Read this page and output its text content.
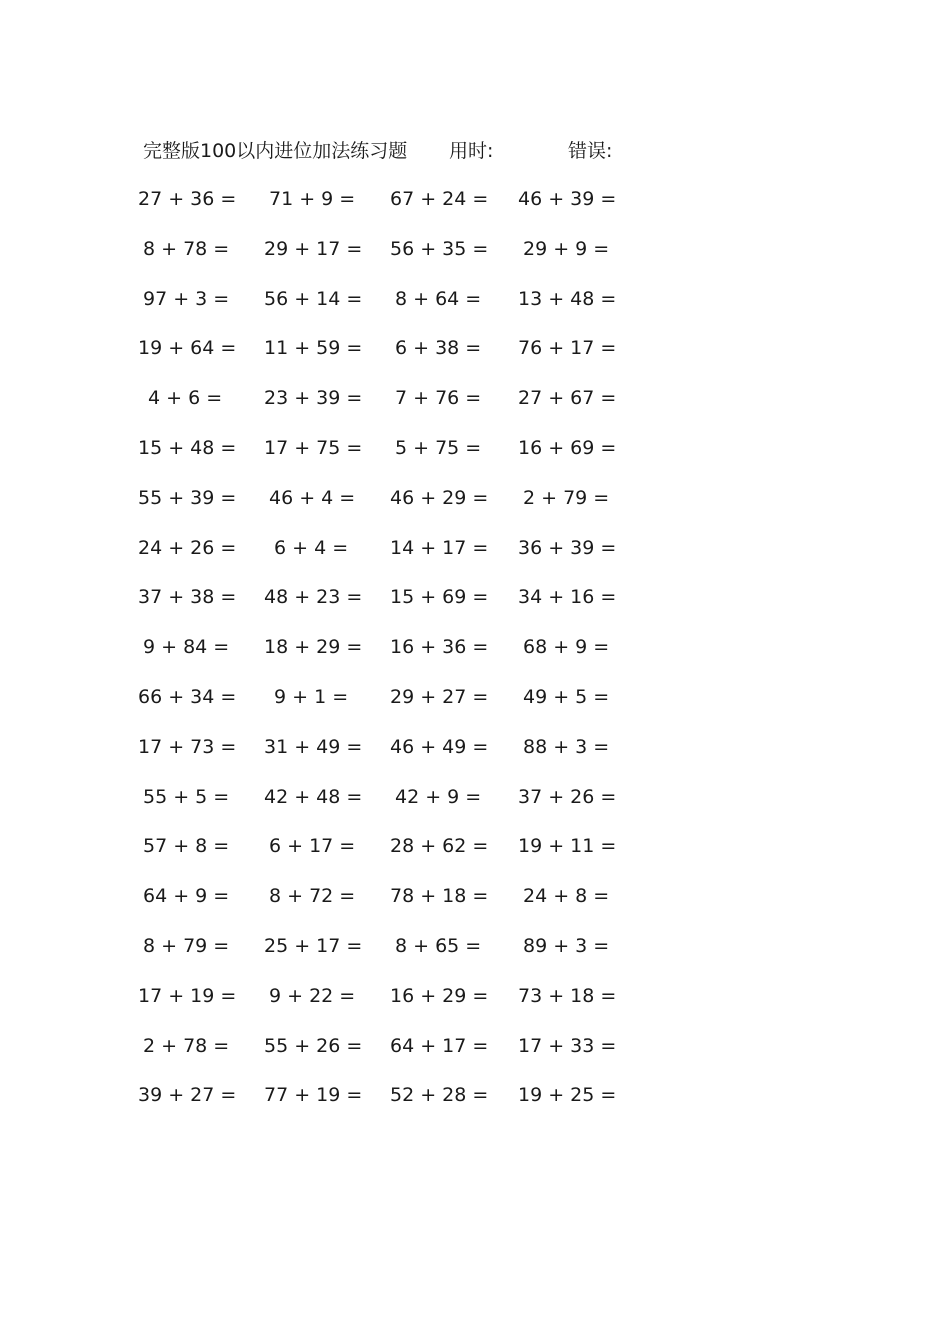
完整版100以内进位加法练习题 用时:	错误:
27 + 36 = 71 + 9 = 67 + 24 = 46 + 39 =
8 + 78 = 29 + 17 = 56 + 35 = 29 + 9 =
97 + 3 = 56 + 14 = 8 + 64 = 13 + 48 =
19 + 64 = 11 + 59 = 6 + 38 = 76 + 17 =
4 + 6 = 23 + 39 = 7 + 76 = 27 + 67 =
15 + 48 = 17 + 75 = 5 + 75 = 16 + 69 =
55 + 39 = 46 + 4 = 46 + 29 = 2 + 79 =
24 + 26 = 6 + 4 = 14 + 17 = 36 + 39 =
37 + 38 = 48 + 23 = 15 + 69 = 34 + 16 =
9 + 84 = 18 + 29 = 16 + 36 = 68 + 9 =
66 + 34 = 9 + 1 = 29 + 27 = 49 + 5 =
17 + 73 = 31 + 49 = 46 + 49 = 88 + 3 =
55 + 5 = 42 + 48 = 42 + 9 = 37 + 26 =
57 + 8 = 6 + 17 = 28 + 62 = 19 + 11 =
64 + 9 = 8 + 72 = 78 + 18 = 24 + 8 =
8 + 79 = 25 + 17 = 8 + 65 = 89 + 3 =
17 + 19 = 9 + 22 = 16 + 29 = 73 + 18 =
2 + 78 = 55 + 26 = 64 + 17 = 17 + 33 =
39 + 27 = 77 + 19 = 52 + 28 = 19 + 25 =
